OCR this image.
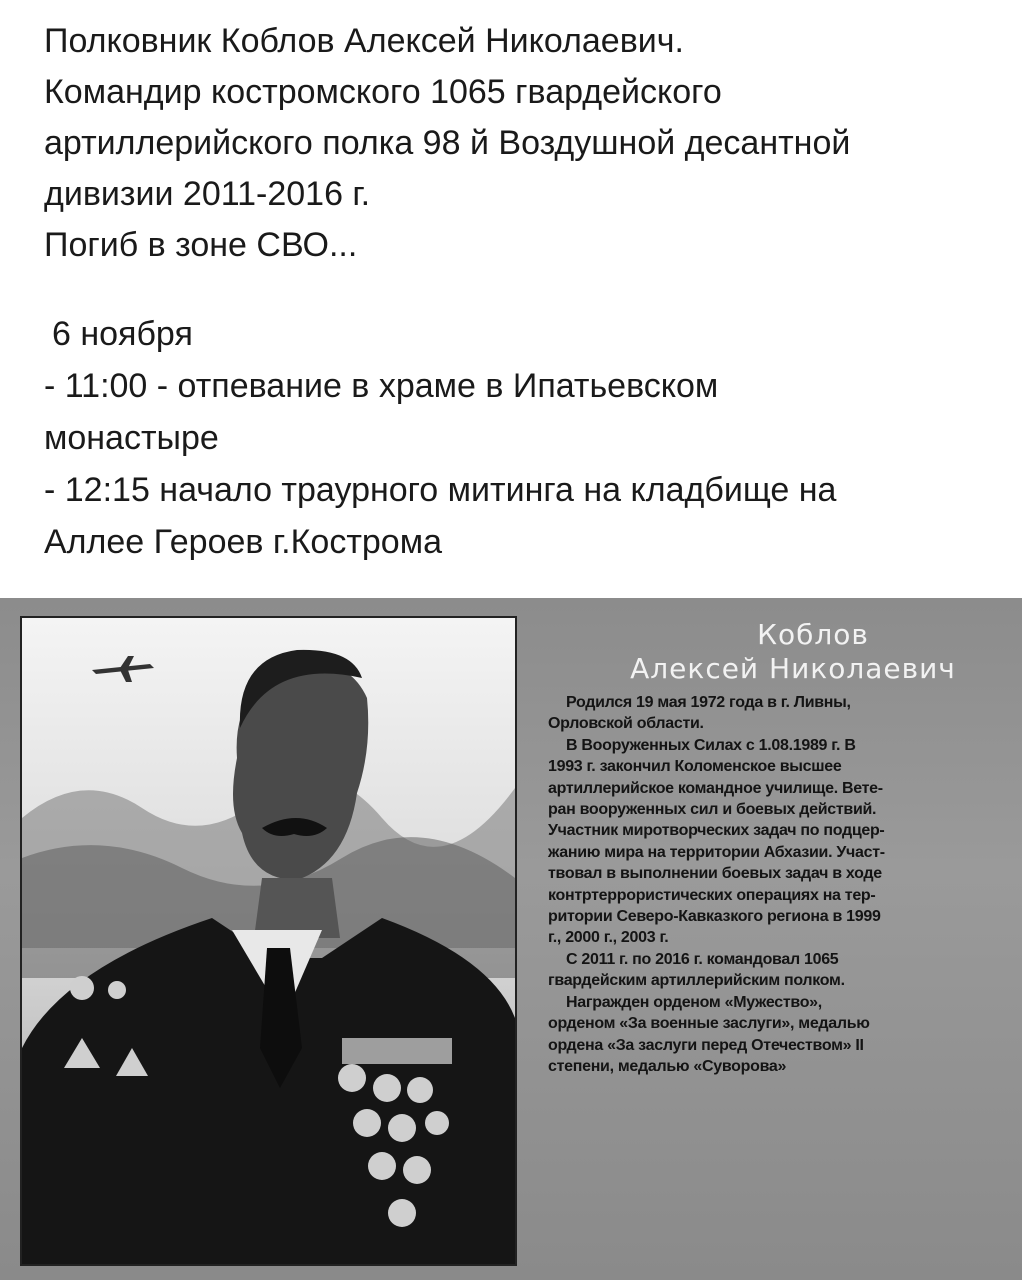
Полковник Коблов Алексей Николаевич.
Командир костромского 1065 гвардейского
артиллерийского полка 98 й Воздушной десантной
дивизии 2011-2016 г.
Погиб в зоне СВО...
6 ноября
- 11:00 - отпевание в храме в Ипатьевском
монастыре
- 12:15 начало траурного митинга на кладбище на
Аллее Героев г.Кострома
Коблов
Алексей Николаевич
Родился 19 мая 1972 года в г. Ливны,
Орловской области.
В Вооруженных Силах с 1.08.1989 г. В
1993 г. закончил Коломенское высшее
артиллерийское командное училище. Вете-
ран вооруженных сил и боевых действий.
Участник миротворческих задач по подцер-
жанию мира на территории Абхазии. Участ-
твовал в выполнении боевых задач в ходе
контртеррористических операциях на тер-
ритории Северо-Кавказкого региона в 1999
г., 2000 г., 2003 г.
С 2011 г. по 2016 г. командовал 1065
гвардейским артиллерийским полком.
Награжден орденом «Мужество»,
орденом «За военные заслуги», медалью
ордена «За заслуги перед Отечеством» II
степени, медалью «Суворова»
